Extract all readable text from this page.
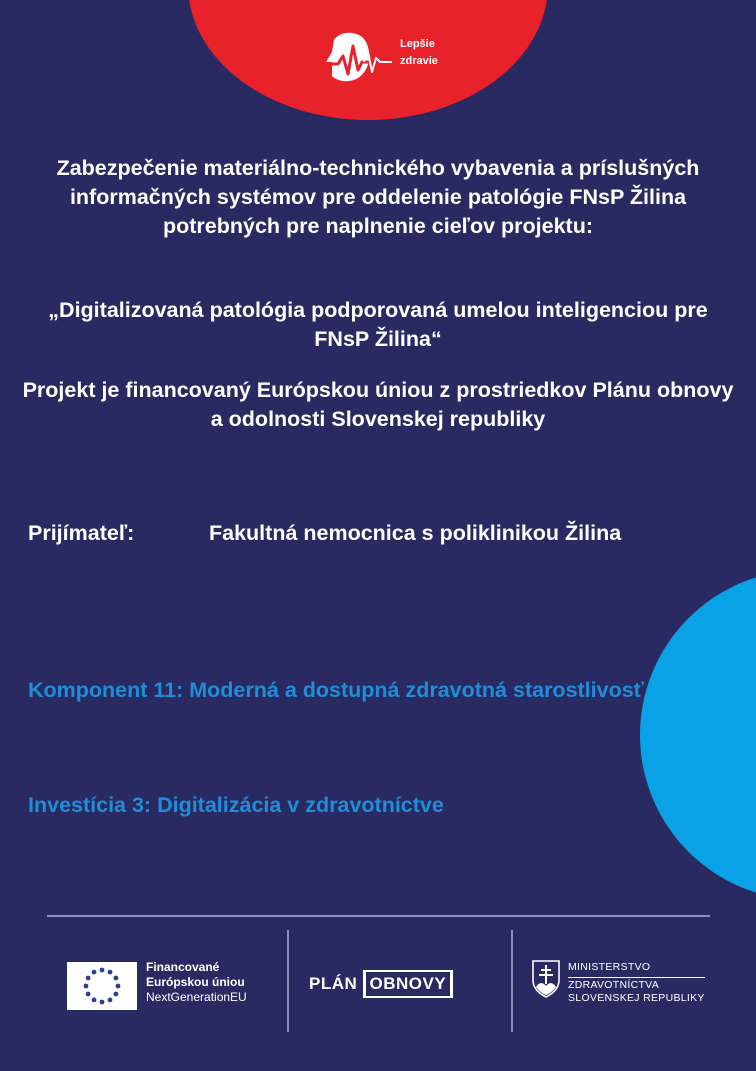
Lepšie
zdravie
Zabezpečenie materiálno-technického vybavenia a príslušných informačných systémov pre oddelenie patológie FNsP Žilina potrebných pre naplnenie cieľov projektu:
„Digitalizovaná patológia podporovaná umelou inteligenciou pre FNsP Žilina“
Projekt je financovaný Európskou úniou z prostriedkov Plánu obnovy a odolnosti Slovenskej republiky
Prijímateľ:	Fakultná nemocnica s poliklinikou Žilina
Komponent 11: Moderná a dostupná zdravotná starostlivosť
Investícia 3: Digitalizácia v zdravotníctve
Financované
Európskou úniou
NextGenerationEU
PLÁN OBNOVY
MINISTERSTVO
ZDRAVOTNÍCTVA
SLOVENSKEJ REPUBLIKY
